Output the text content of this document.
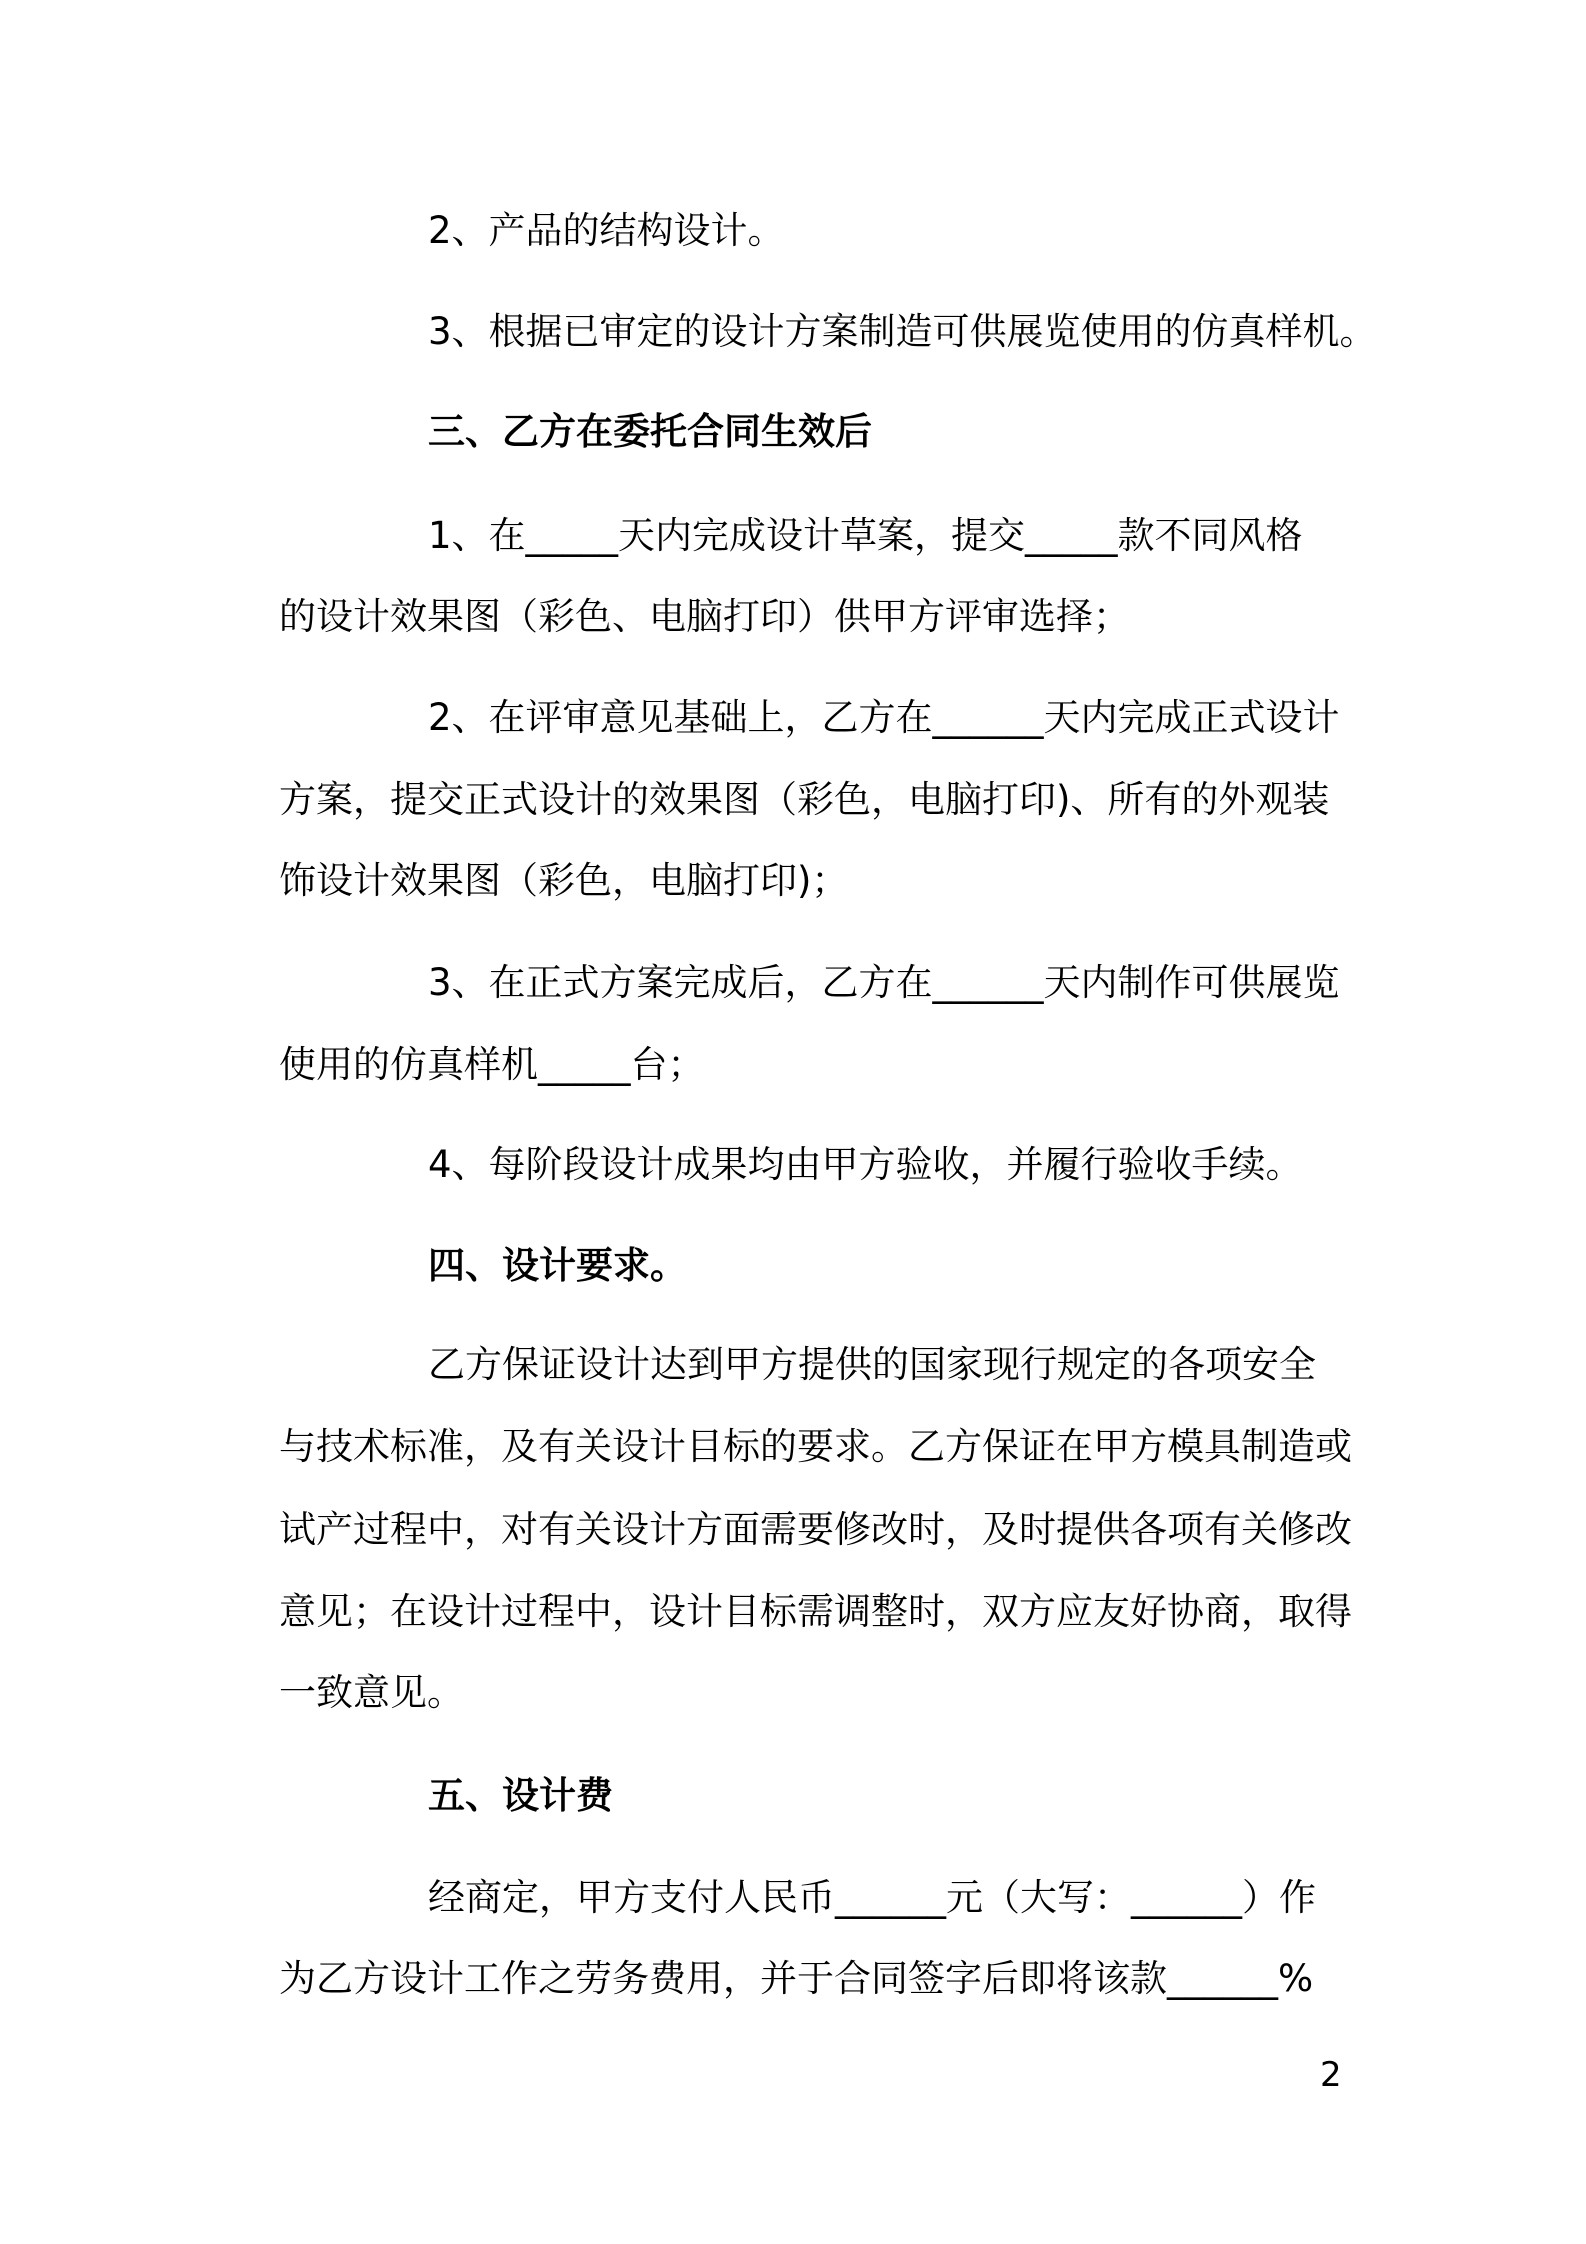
2、产品的结构设计。
3、根据已审定的设计方案制造可供展览使用的仿真样机。
三、乙方在委托合同生效后
1、在_____天内完成设计草案，提交_____款不同风格
的设计效果图（彩色、电脑打印）供甲方评审选择；
2、在评审意见基础上，乙方在______天内完成正式设计
方案，提交正式设计的效果图（彩色，电脑打印)、所有的外观装
饰设计效果图（彩色，电脑打印)；
3、在正式方案完成后，乙方在______天内制作可供展览
使用的仿真样机_____台；
4、每阶段设计成果均由甲方验收，并履行验收手续。
四、设计要求。
乙方保证设计达到甲方提供的国家现行规定的各项安全
与技术标准，及有关设计目标的要求。乙方保证在甲方模具制造或
试产过程中，对有关设计方面需要修改时，及时提供各项有关修改
意见；在设计过程中，设计目标需调整时，双方应友好协商，取得
一致意见。
五、设计费
经商定，甲方支付人民币______元（大写：______）作
为乙方设计工作之劳务费用，并于合同签字后即将该款______%
2
